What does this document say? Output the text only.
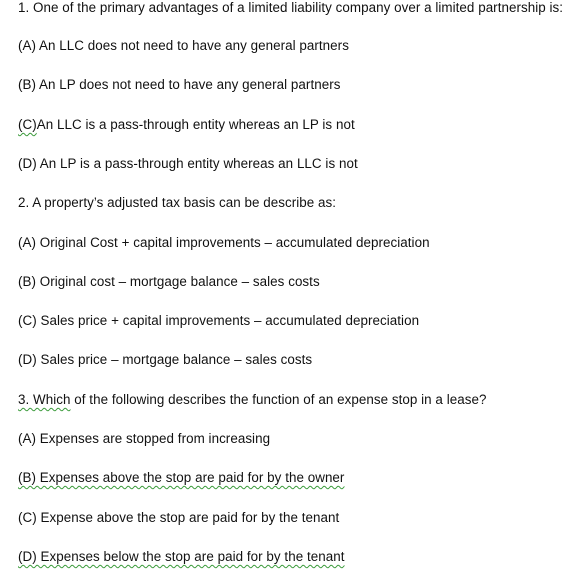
1. One of the primary advantages of a limited liability company over a limited partnership is:
(A) An LLC does not need to have any general partners
(B) An LP does not need to have any general partners
(C)An LLC is a pass-through entity whereas an LP is not
(D) An LP is a pass-through entity whereas an LLC is not
2. A property’s adjusted tax basis can be describe as:
(A) Original Cost + capital improvements – accumulated depreciation
(B) Original cost – mortgage balance – sales costs
(C) Sales price + capital improvements – accumulated depreciation
(D) Sales price – mortgage balance – sales costs
3. Which of the following describes the function of an expense stop in a lease?
(A) Expenses are stopped from increasing
(B) Expenses above the stop are paid for by the owner
(C) Expense above the stop are paid for by the tenant
(D) Expenses below the stop are paid for by the tenant
